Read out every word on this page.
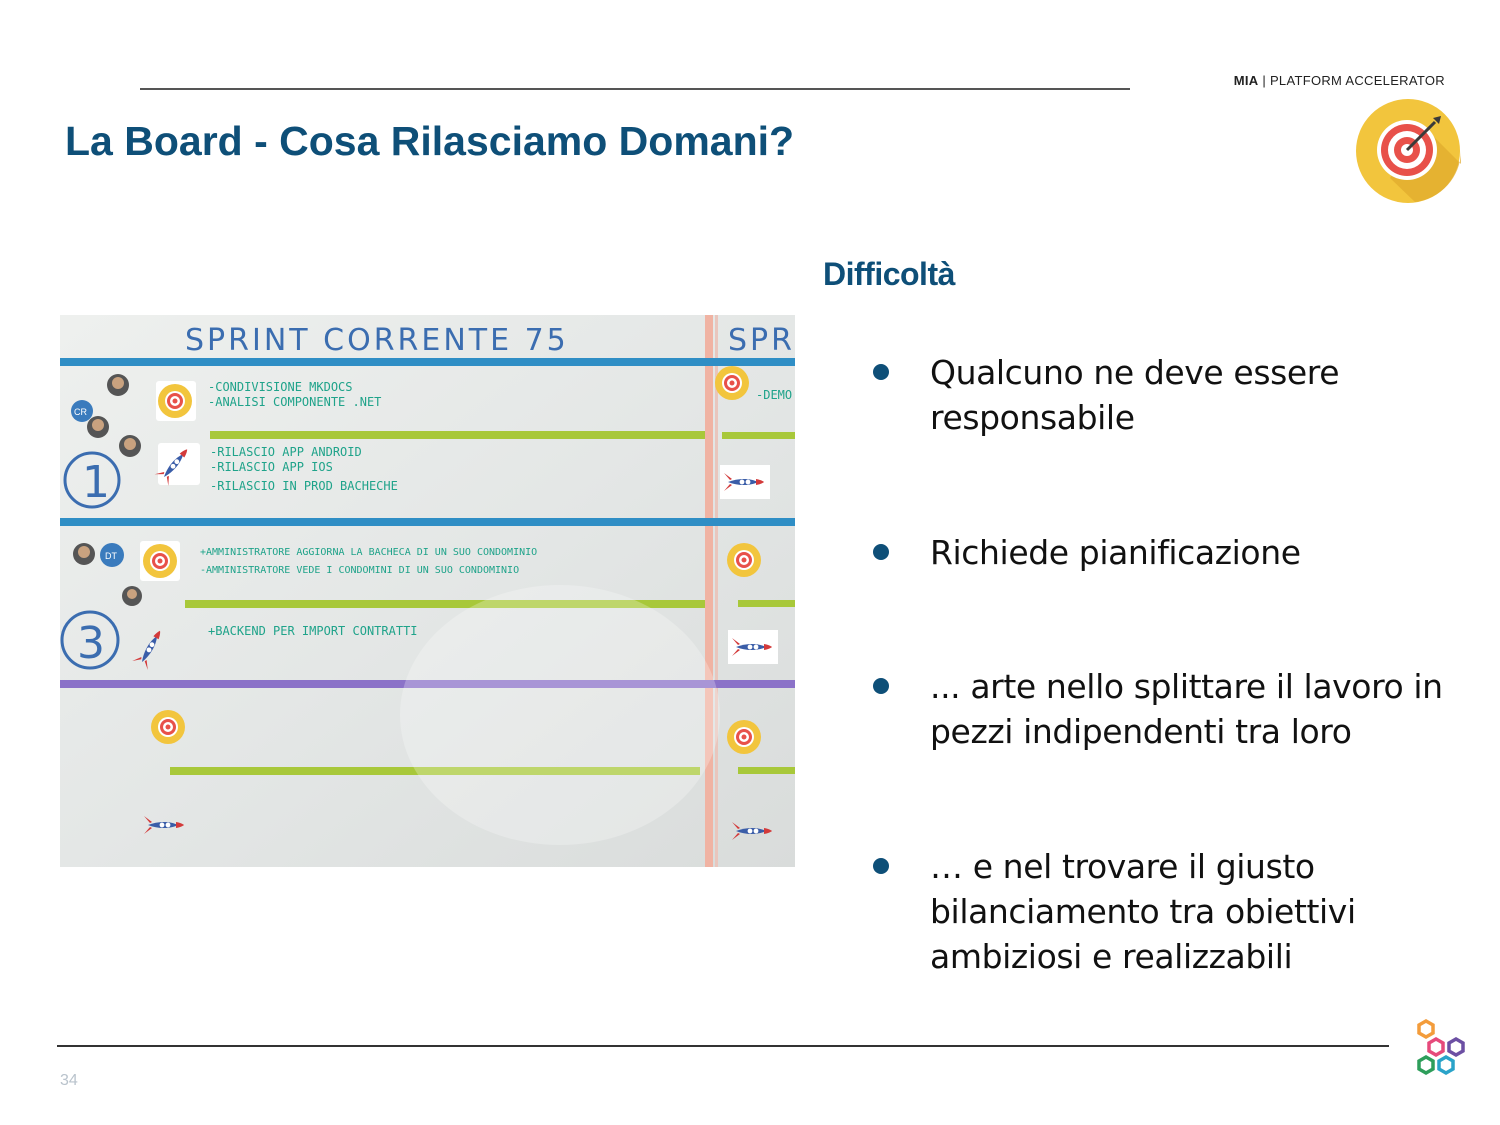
MIA | PLATFORM ACCELERATOR
La Board - Cosa Rilasciamo Domani?
SPRINT CORRENTE 75	SPR
-CONDIVISIONE MKDOCS
-ANALISI COMPONENTE .NET
-RILASCIO APP ANDROID
-RILASCIO APP IOS
-RILASCIO IN PROD BACHECHE
+AMMINISTRATORE AGGIORNA LA BACHECA DI UN SUO CONDOMINIO
-AMMINISTRATORE VEDE I CONDOMINI DI UN SUO CONDOMINIO
+BACKEND PER IMPORT CONTRATTI
-DEMO
1
3
CR
DT
Difficoltà
Qualcuno ne deve essere responsabile
Richiede pianificazione
... arte nello splittare il lavoro in pezzi indipendenti tra loro
… e nel trovare il giusto bilanciamento tra obiettivi ambiziosi e realizzabili
34
